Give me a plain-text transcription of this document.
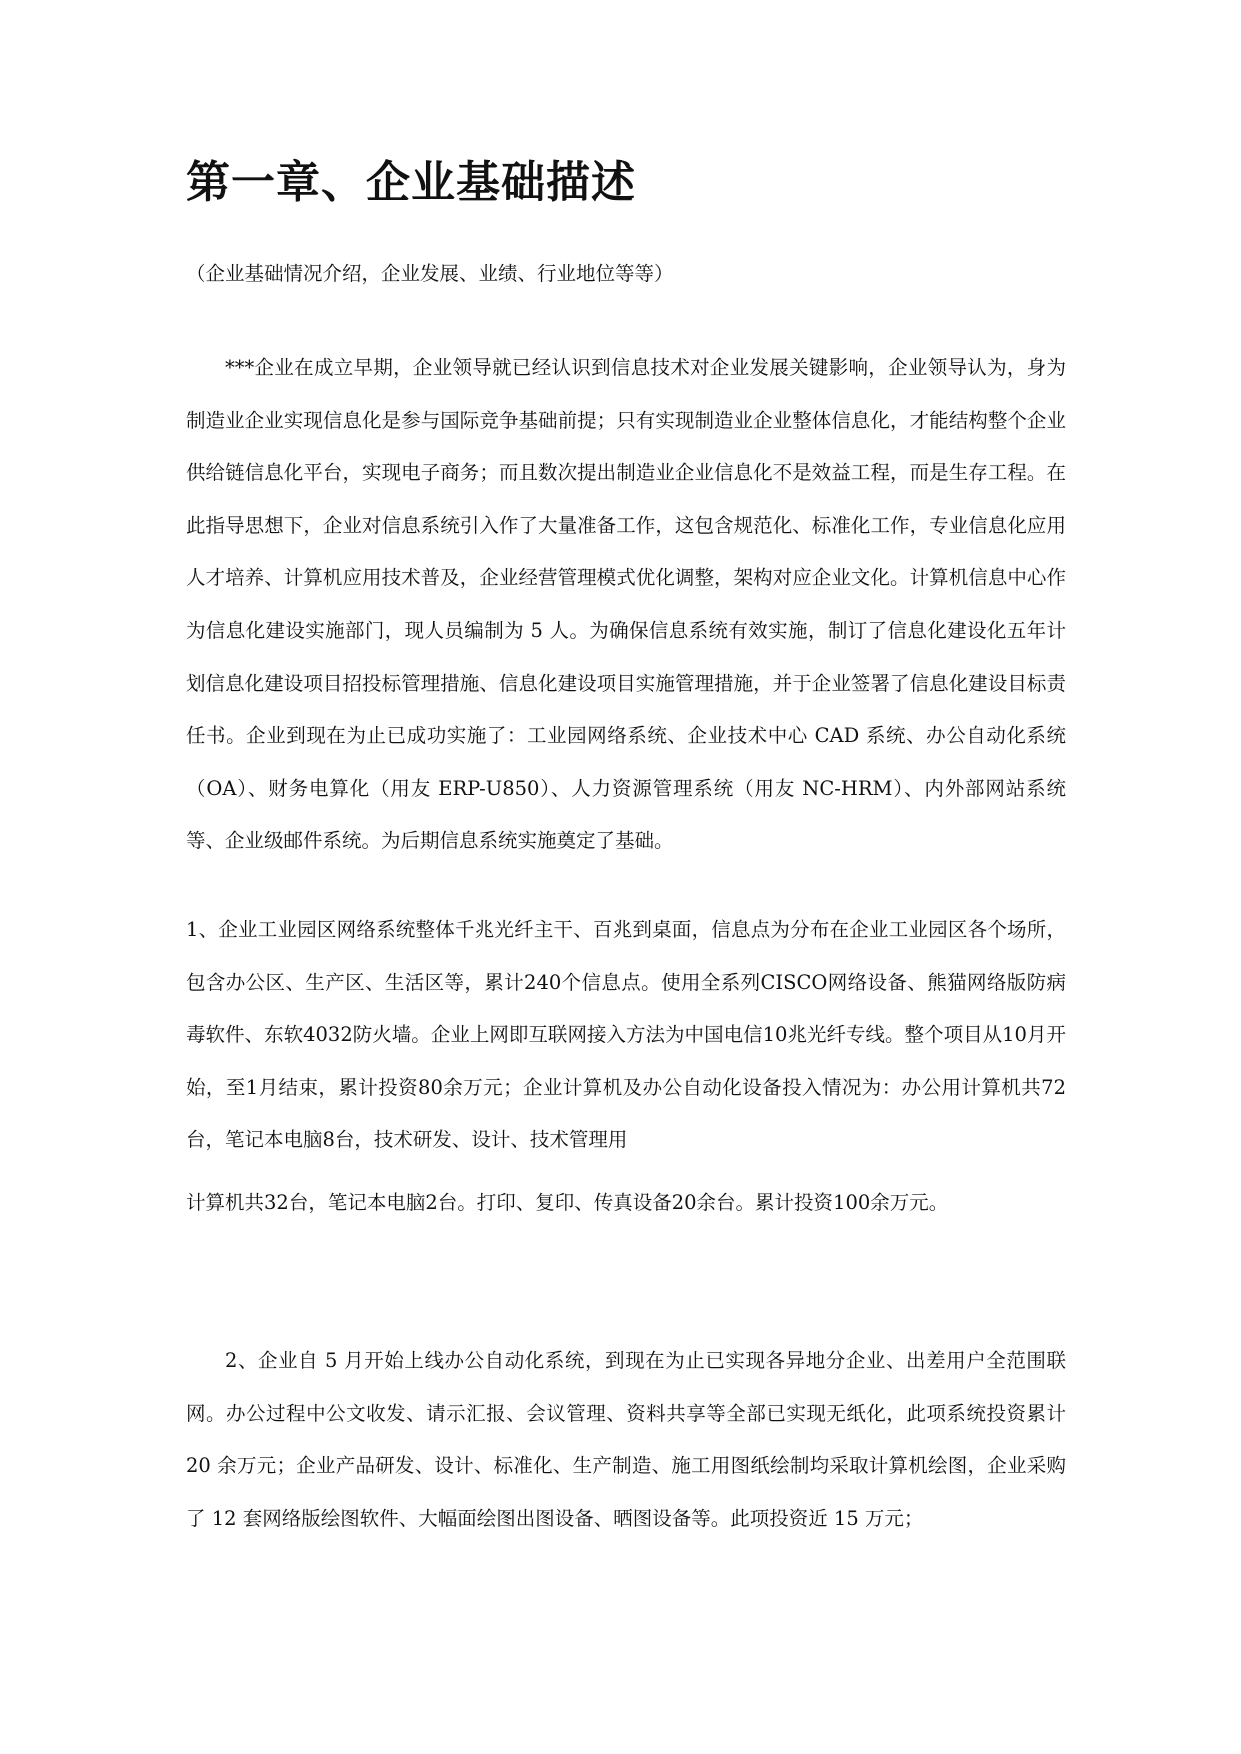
第一章、企业基础描述

（企业基础情况介绍，企业发展、业绩、行业地位等等）

***企业在成立早期，企业领导就已经认识到信息技术对企业发展关键影响，企业领导认为，身为制造业企业实现信息化是参与国际竞争基础前提；只有实现制造业企业整体信息化，才能结构整个企业供给链信息化平台，实现电子商务；而且数次提出制造业企业信息化不是效益工程，而是生存工程。在此指导思想下，企业对信息系统引入作了大量准备工作，这包含规范化、标准化工作，专业信息化应用人才培养、计算机应用技术普及，企业经营管理模式优化调整，架构对应企业文化。计算机信息中心作为信息化建设实施部门，现人员编制为 5 人。为确保信息系统有效实施，制订了信息化建设化五年计划信息化建设项目招投标管理措施、信息化建设项目实施管理措施，并于企业签署了信息化建设目标责任书。企业到现在为止已成功实施了：工业园网络系统、企业技术中心 CAD 系统、办公自动化系统（OA）、财务电算化（用友 ERP-U850）、人力资源管理系统（用友 NC-HRM）、内外部网站系统等、企业级邮件系统。为后期信息系统实施奠定了基础。

1、企业工业园区网络系统整体千兆光纤主干、百兆到桌面，信息点为分布在企业工业园区各个场所，包含办公区、生产区、生活区等，累计240个信息点。使用全系列CISCO网络设备、熊猫网络版防病毒软件、东软4032防火墙。企业上网即互联网接入方法为中国电信10兆光纤专线。整个项目从10月开始，至1月结束，累计投资80余万元；企业计算机及办公自动化设备投入情况为：办公用计算机共72台，笔记本电脑8台，技术研发、设计、技术管理用
计算机共32台，笔记本电脑2台。打印、复印、传真设备20余台。累计投资100余万元。

2、企业自 5 月开始上线办公自动化系统，到现在为止已实现各异地分企业、出差用户全范围联网。办公过程中公文收发、请示汇报、会议管理、资料共享等全部已实现无纸化，此项系统投资累计 20 余万元；企业产品研发、设计、标准化、生产制造、施工用图纸绘制均采取计算机绘图，企业采购了 12 套网络版绘图软件、大幅面绘图出图设备、晒图设备等。此项投资近 15 万元；
